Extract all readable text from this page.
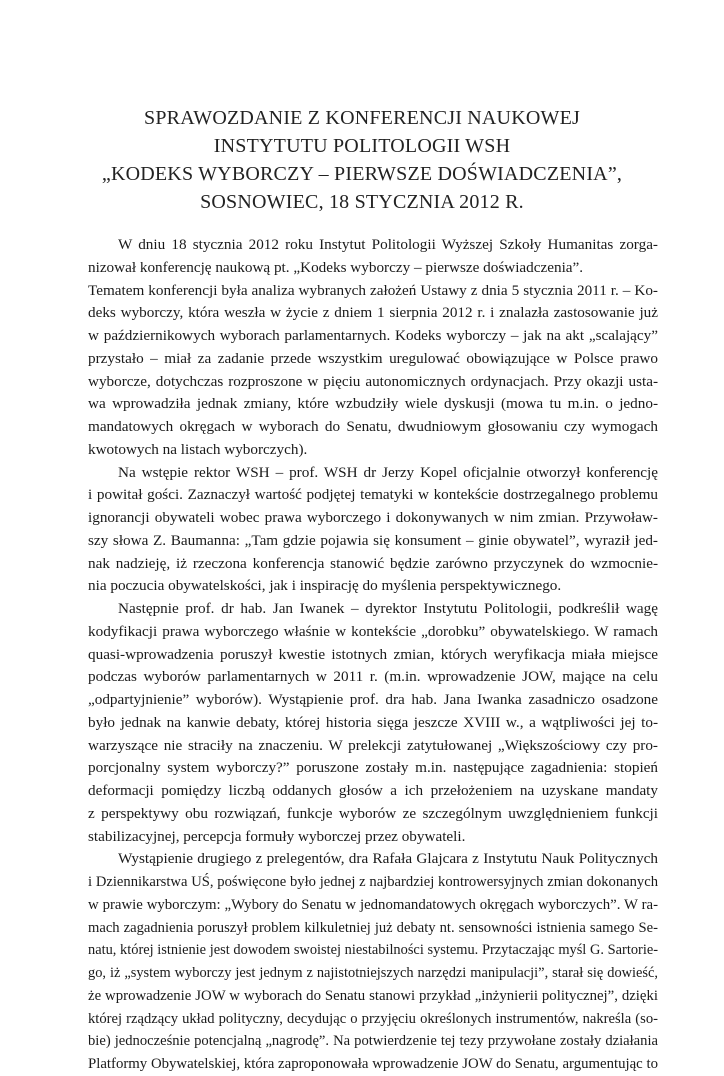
SPRAWOZDANIE Z KONFERENCJI NAUKOWEJ
INSTYTUTU POLITOLOGII WSH
„KODEKS WYBORCZY – PIERWSZE DOŚWIADCZENIA”,
SOSNOWIEC, 18 STYCZNIA 2012 R.
W dniu 18 stycznia 2012 roku Instytut Politologii Wyższej Szkoły Humanitas zorga-
nizował konferencję naukową pt. „Kodeks wyborczy – pierwsze doświadczenia”.
Tematem konferencji była analiza wybranych założeń Ustawy z dnia 5 stycznia 2011 r. – Ko-
deks wyborczy, która weszła w życie z dniem 1 sierpnia 2012 r. i znalazła zastosowanie już
w październikowych wyborach parlamentarnych. Kodeks wyborczy – jak na akt „scalający”
przystało – miał za zadanie przede wszystkim uregulować obowiązujące w Polsce prawo
wyborcze, dotychczas rozproszone w pięciu autonomicznych ordynacjach. Przy okazji usta-
wa wprowadziła jednak zmiany, które wzbudziły wiele dyskusji (mowa tu m.in. o jedno-
mandatowych okręgach w wyborach do Senatu, dwudniowym głosowaniu czy wymogach
kwotowych na listach wyborczych).
Na wstępie rektor WSH – prof. WSH dr Jerzy Kopel oficjalnie otworzył konferencję
i powitał gości. Zaznaczył wartość podjętej tematyki w kontekście dostrzegalnego problemu
ignorancji obywateli wobec prawa wyborczego i dokonywanych w nim zmian. Przywoław-
szy słowa Z. Baumanna: „Tam gdzie pojawia się konsument – ginie obywatel”, wyraził jed-
nak nadzieję, iż rzeczona konferencja stanowić będzie zarówno przyczynek do wzmocnie-
nia poczucia obywatelskości, jak i inspirację do myślenia perspektywicznego.
Następnie prof. dr hab. Jan Iwanek – dyrektor Instytutu Politologii, podkreślił wagę
kodyfikacji prawa wyborczego właśnie w kontekście „dorobku” obywatelskiego. W ramach
quasi-wprowadzenia poruszył kwestie istotnych zmian, których weryfikacja miała miejsce
podczas wyborów parlamentarnych w 2011 r. (m.in. wprowadzenie JOW, mające na celu
„odpartyjnienie” wyborów). Wystąpienie prof. dra hab. Jana Iwanka zasadniczo osadzone
było jednak na kanwie debaty, której historia sięga jeszcze XVIII w., a wątpliwości jej to-
warzyszące nie straciły na znaczeniu. W prelekcji zatytułowanej „Większościowy czy pro-
porcjonalny system wyborczy?” poruszone zostały m.in. następujące zagadnienia: stopień
deformacji pomiędzy liczbą oddanych głosów a ich przełożeniem na uzyskane mandaty
z perspektywy obu rozwiązań, funkcje wyborów ze szczególnym uwzględnieniem funkcji
stabilizacyjnej, percepcja formuły wyborczej przez obywateli.
Wystąpienie drugiego z prelegentów, dra Rafała Glajcara z Instytutu Nauk Politycznych
i Dziennikarstwa UŚ, poświęcone było jednej z najbardziej kontrowersyjnych zmian dokonanych
w prawie wyborczym: „Wybory do Senatu w jednomandatowych okręgach wyborczych”. W ra-
mach zagadnienia poruszył problem kilkuletniej już debaty nt. sensowności istnienia samego Se-
natu, której istnienie jest dowodem swoistej niestabilności systemu. Przytaczając myśl G. Sartorie-
go, iż „system wyborczy jest jednym z najistotniejszych narzędzi manipulacji”, starał się dowieść,
że wprowadzenie JOW w wyborach do Senatu stanowi przykład „inżynierii politycznej”, dzięki
której rządzący układ polityczny, decydując o przyjęciu określonych instrumentów, nakreśla (so-
bie) jednocześnie potencjalną „nagrodę”. Na potwierdzenie tej tezy przywołane zostały działania
Platformy Obywatelskiej, która zaproponowała wprowadzenie JOW do Senatu, argumentując to
